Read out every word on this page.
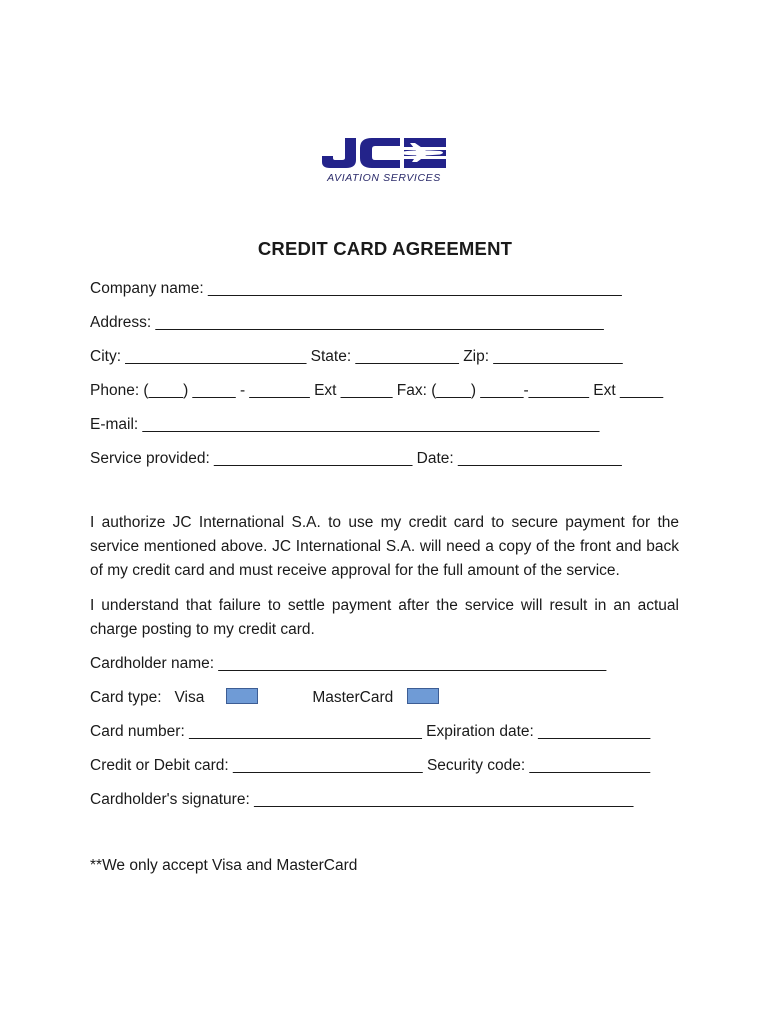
AVIATION SERVICES
CREDIT CARD AGREEMENT
Company name: ________________________________________________
Address: ____________________________________________________
City: _____________________ State: ____________ Zip: _______________
Phone: (____) _____ - _______ Ext ______ Fax: (____) _____-_______ Ext _____
E-mail: _____________________________________________________
Service provided: _______________________ Date: ___________________
I authorize JC International S.A. to use my credit card to secure payment for the service mentioned above. JC International S.A. will need a copy of the front and back of my credit card and must receive approval for the full amount of the service.
I understand that failure to settle payment after the service will result in an actual charge posting to my credit card.
Cardholder name: _____________________________________________
Card type: Visa	MasterCard
Card number: ___________________________ Expiration date: _____________
Credit or Debit card: ______________________ Security code: ______________
Cardholder's signature: ____________________________________________
**We only accept Visa and MasterCard
